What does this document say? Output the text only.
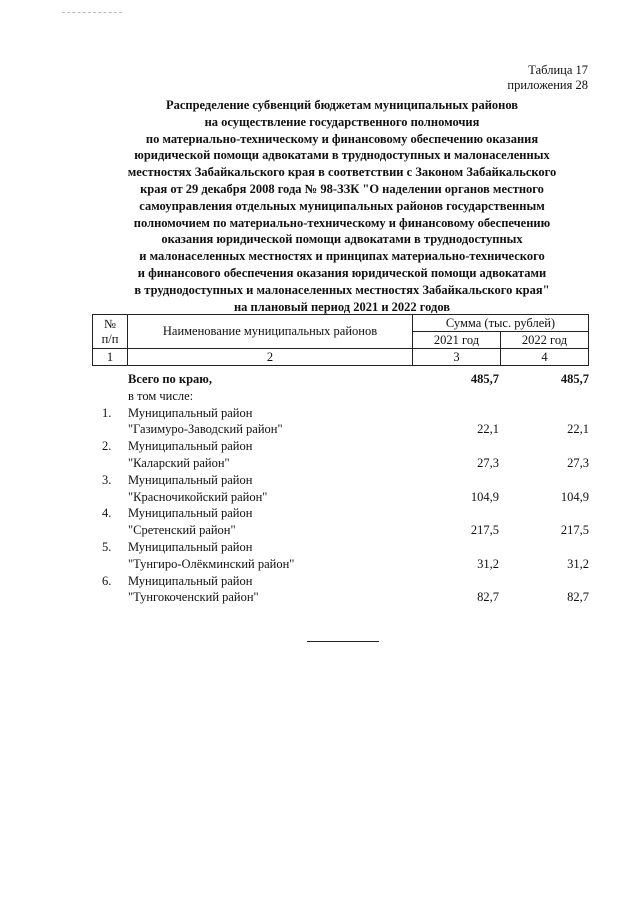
Таблица 17
приложения 28
Распределение субвенций бюджетам муниципальных районов
на осуществление государственного полномочия
по материально-техническому и финансовому обеспечению оказания
юридической помощи адвокатами в труднодоступных и малонаселенных
местностях Забайкальского края в соответствии с Законом Забайкальского
края от 29 декабря 2008 года № 98-ЗЗК "О наделении органов местного
самоуправления отдельных муниципальных районов государственным
полномочием по материально-техническому и финансовому обеспечению
оказания юридической помощи адвокатами в труднодоступных
и малонаселенных местностях и принципах материально-технического
и финансового обеспечения оказания юридической помощи адвокатами
в труднодоступных и малонаселенных местностях Забайкальского края"
на плановый период 2021 и 2022 годов
№
п/п	Наименование муниципальных районов	Сумма (тыс. рублей)	
		2021 год	2022 год
1	2	3	4
Всего по краю,	485,7	485,7
в том числе:
1. Муниципальный район
"Газимуро-Заводский район"	22,1	22,1
2. Муниципальный район
"Каларский район"	27,3	27,3
3. Муниципальный район
"Красночикойский район"	104,9	104,9
4. Муниципальный район
"Сретенский район"	217,5	217,5
5. Муниципальный район
"Тунгиро-Олёкминский район"	31,2	31,2
6. Муниципальный район
"Тунгокоченский район"	82,7	82,7
